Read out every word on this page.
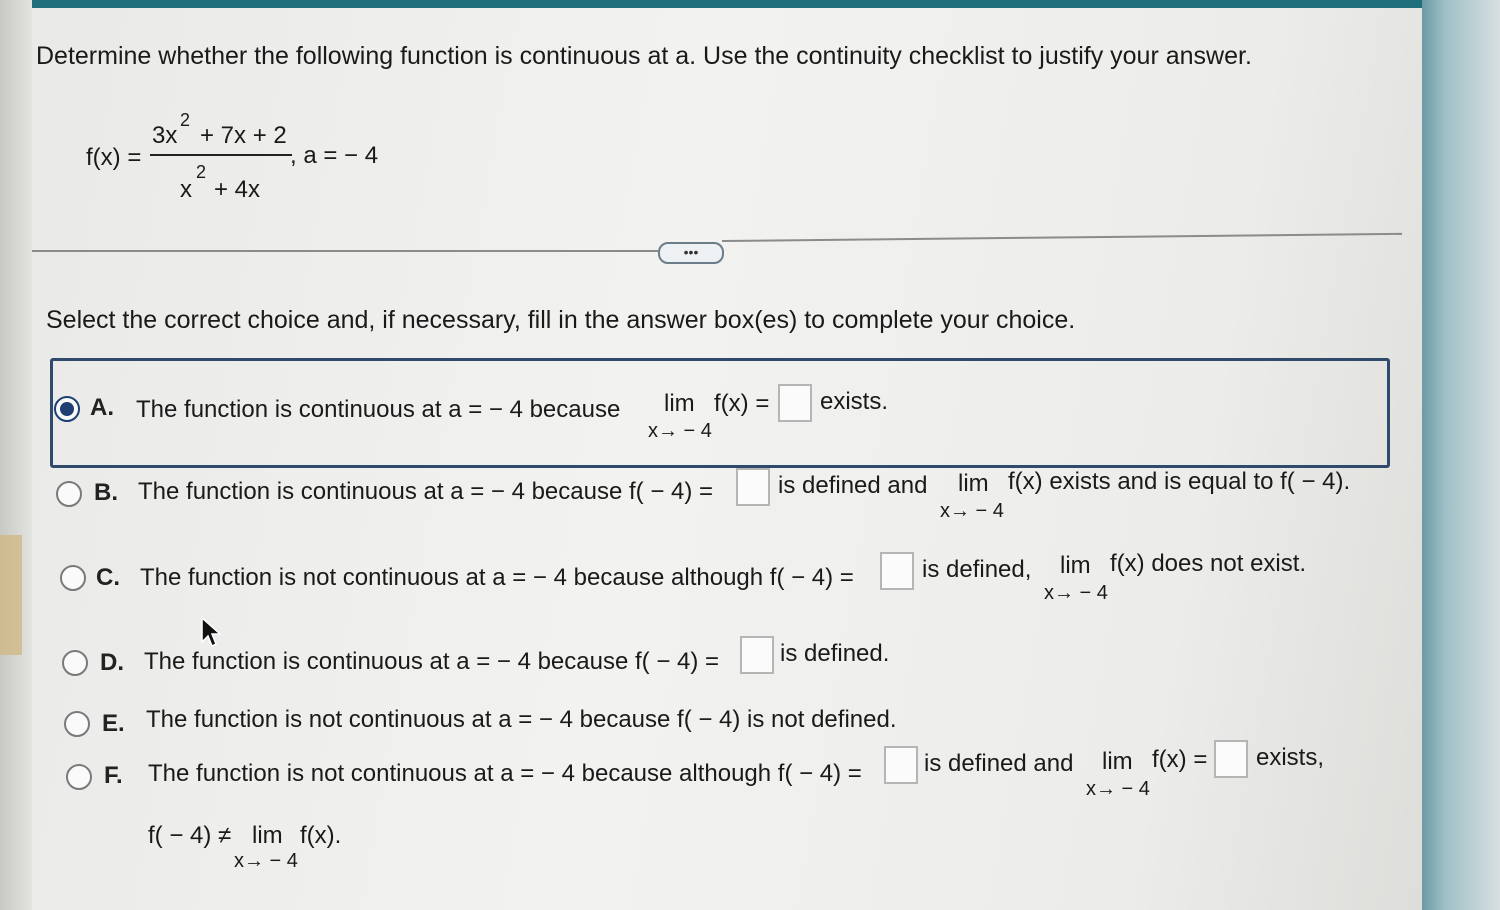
Determine whether the following function is continuous at a. Use the continuity checklist to justify your answer.
f(x) =
3x
2
+ 7x + 2
x
2
+ 4x
, a = − 4
•••
Select the correct choice and, if necessary, fill in the answer box(es) to complete your choice.
A. The function is continuous at a = − 4 because lim
x→ − 4
f(x) = exists.
B. The function is continuous at a = − 4 because f( − 4) =	is defined and lim
x→ − 4
f(x) exists and is equal to f( − 4).
C. The function is not continuous at a = − 4 because although f( − 4) =	is defined, lim
x→ − 4
f(x) does not exist.
D. The function is continuous at a = − 4 because f( − 4) =	is defined.
E. The function is not continuous at a = − 4 because f( − 4) is not defined.
F. The function is not continuous at a = − 4 because although f( − 4) =	is defined and lim
x→ − 4
f(x) = exists,
f( − 4) ≠ lim
x→ − 4
f(x).
